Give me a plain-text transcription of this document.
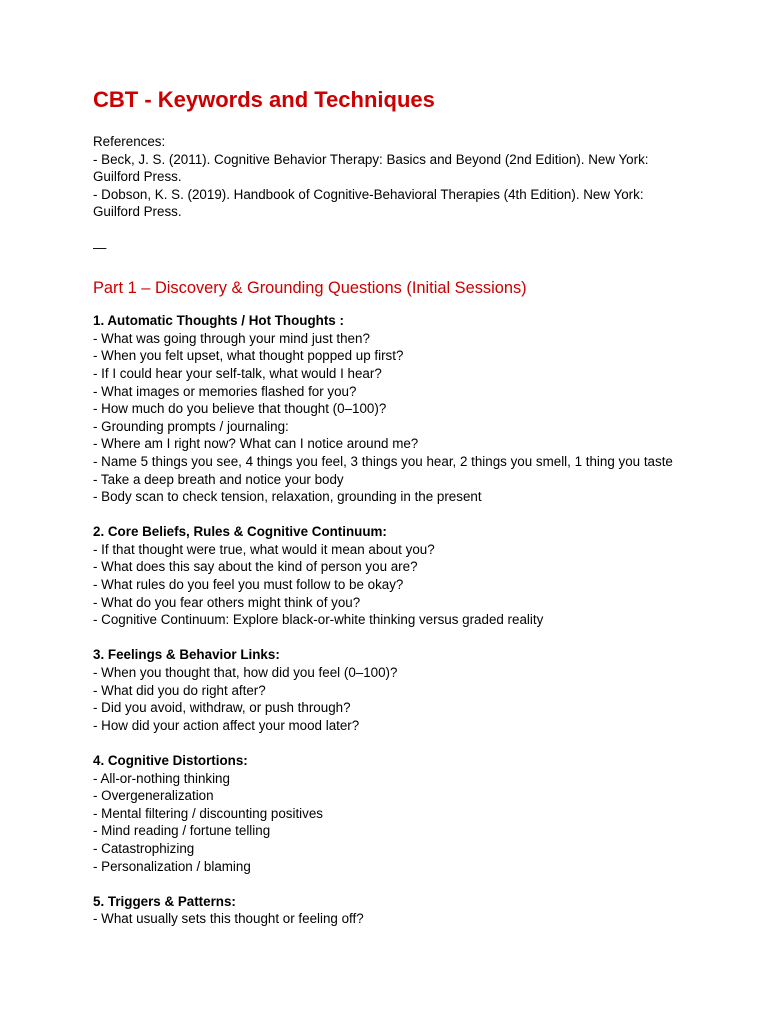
CBT - Keywords and Techniques

References:

- Beck, J. S. (2011). Cognitive Behavior Therapy: Basics and Beyond (2nd Edition). New York: Guilford Press.

- Dobson, K. S. (2019). Handbook of Cognitive-Behavioral Therapies (4th Edition). New York: Guilford Press.

—
Part 1 – Discovery & Grounding Questions (Initial Sessions)
1. Automatic Thoughts / Hot Thoughts :
- What was going through your mind just then?
- When you felt upset, what thought popped up first?
- If I could hear your self-talk, what would I hear?
- What images or memories flashed for you?
- How much do you believe that thought (0–100)?
- Grounding prompts / journaling:
- Where am I right now? What can I notice around me?
- Name 5 things you see, 4 things you feel, 3 things you hear, 2 things you smell, 1 thing you taste
- Take a deep breath and notice your body
- Body scan to check tension, relaxation, grounding in the present
2. Core Beliefs, Rules & Cognitive Continuum:
- If that thought were true, what would it mean about you?
- What does this say about the kind of person you are?
- What rules do you feel you must follow to be okay?
- What do you fear others might think of you?
- Cognitive Continuum: Explore black-or-white thinking versus graded reality
3. Feelings & Behavior Links:
- When you thought that, how did you feel (0–100)?
- What did you do right after?
- Did you avoid, withdraw, or push through?
- How did your action affect your mood later?
4. Cognitive Distortions:
- All-or-nothing thinking
- Overgeneralization
- Mental filtering / discounting positives
- Mind reading / fortune telling
- Catastrophizing
- Personalization / blaming
5. Triggers & Patterns:
- What usually sets this thought or feeling off?
